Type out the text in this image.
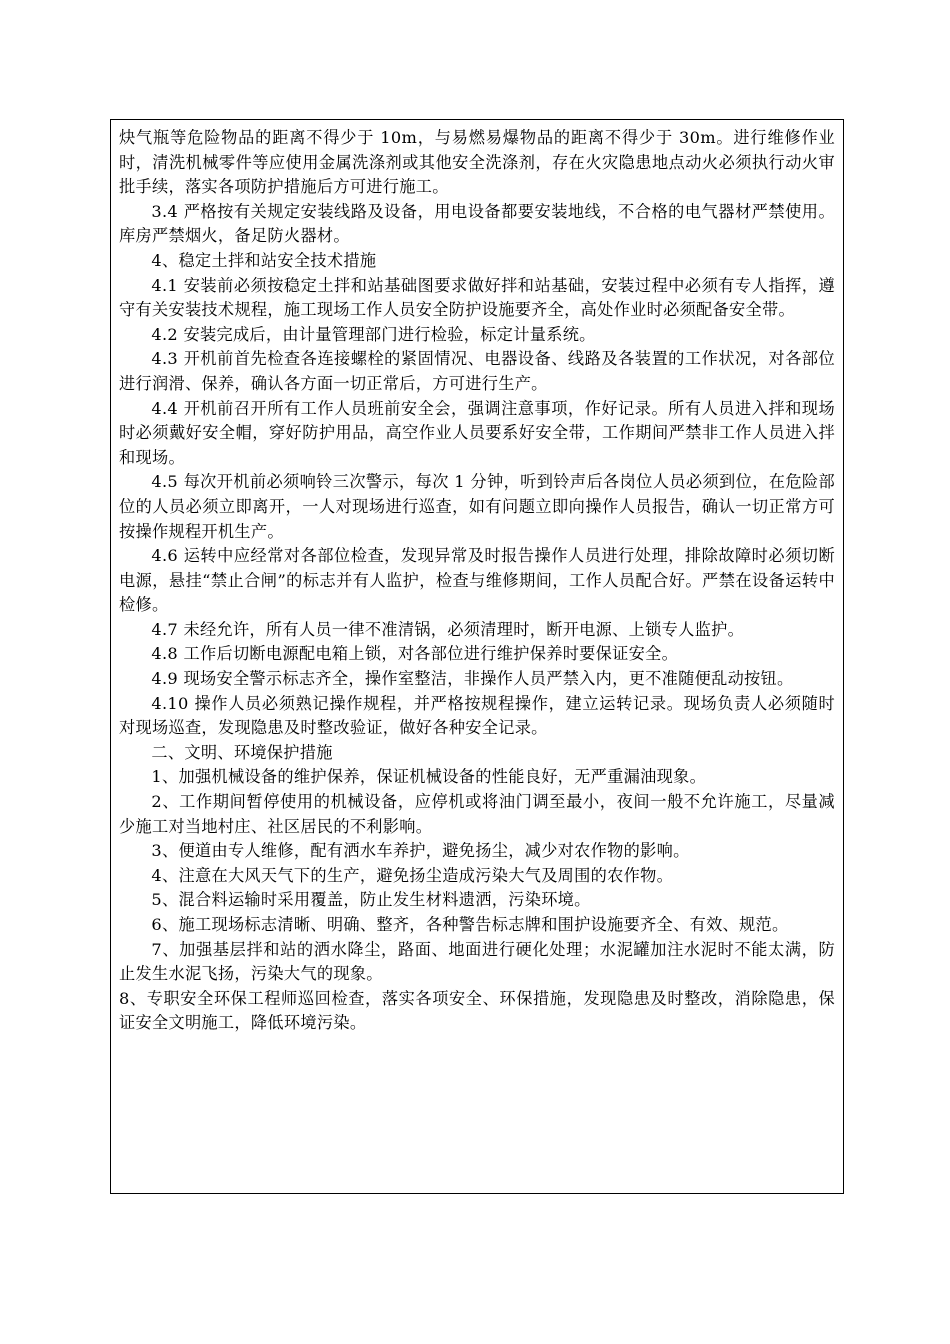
炔气瓶等危险物品的距离不得少于 10m，与易燃易爆物品的距离不得少于 30m。进行维修作业时，清洗机械零件等应使用金属洗涤剂或其他安全洗涤剂，存在火灾隐患地点动火必须执行动火审批手续，落实各项防护措施后方可进行施工。

3.4 严格按有关规定安装线路及设备，用电设备都要安装地线，不合格的电气器材严禁使用。库房严禁烟火，备足防火器材。

4、稳定土拌和站安全技术措施

4.1 安装前必须按稳定土拌和站基础图要求做好拌和站基础，安装过程中必须有专人指挥，遵守有关安装技术规程，施工现场工作人员安全防护设施要齐全，高处作业时必须配备安全带。

4.2 安装完成后，由计量管理部门进行检验，标定计量系统。

4.3 开机前首先检查各连接螺栓的紧固情况、电器设备、线路及各装置的工作状况，对各部位进行润滑、保养，确认各方面一切正常后，方可进行生产。

4.4 开机前召开所有工作人员班前安全会，强调注意事项，作好记录。所有人员进入拌和现场时必须戴好安全帽，穿好防护用品，高空作业人员要系好安全带，工作期间严禁非工作人员进入拌和现场。

4.5 每次开机前必须响铃三次警示，每次 1 分钟，听到铃声后各岗位人员必须到位，在危险部位的人员必须立即离开，一人对现场进行巡查，如有问题立即向操作人员报告，确认一切正常方可按操作规程开机生产。

4.6 运转中应经常对各部位检查，发现异常及时报告操作人员进行处理，排除故障时必须切断电源，悬挂“禁止合闸”的标志并有人监护，检查与维修期间，工作人员配合好。严禁在设备运转中检修。

4.7 未经允许，所有人员一律不准清锅，必须清理时，断开电源、上锁专人监护。

4.8 工作后切断电源配电箱上锁，对各部位进行维护保养时要保证安全。

4.9 现场安全警示标志齐全，操作室整洁，非操作人员严禁入内，更不准随便乱动按钮。

4.10 操作人员必须熟记操作规程，并严格按规程操作，建立运转记录。现场负责人必须随时对现场巡查，发现隐患及时整改验证，做好各种安全记录。

二、文明、环境保护措施

1、加强机械设备的维护保养，保证机械设备的性能良好，无严重漏油现象。

2、工作期间暂停使用的机械设备，应停机或将油门调至最小，夜间一般不允许施工，尽量减少施工对当地村庄、社区居民的不利影响。

3、便道由专人维修，配有洒水车养护，避免扬尘，减少对农作物的影响。

4、注意在大风天气下的生产，避免扬尘造成污染大气及周围的农作物。

5、混合料运输时采用覆盖，防止发生材料遗洒，污染环境。

6、施工现场标志清晰、明确、整齐，各种警告标志牌和围护设施要齐全、有效、规范。

7、加强基层拌和站的洒水降尘，路面、地面进行硬化处理；水泥罐加注水泥时不能太满，防止发生水泥飞扬，污染大气的现象。

8、专职安全环保工程师巡回检查，落实各项安全、环保措施，发现隐患及时整改，消除隐患，保证安全文明施工，降低环境污染。
